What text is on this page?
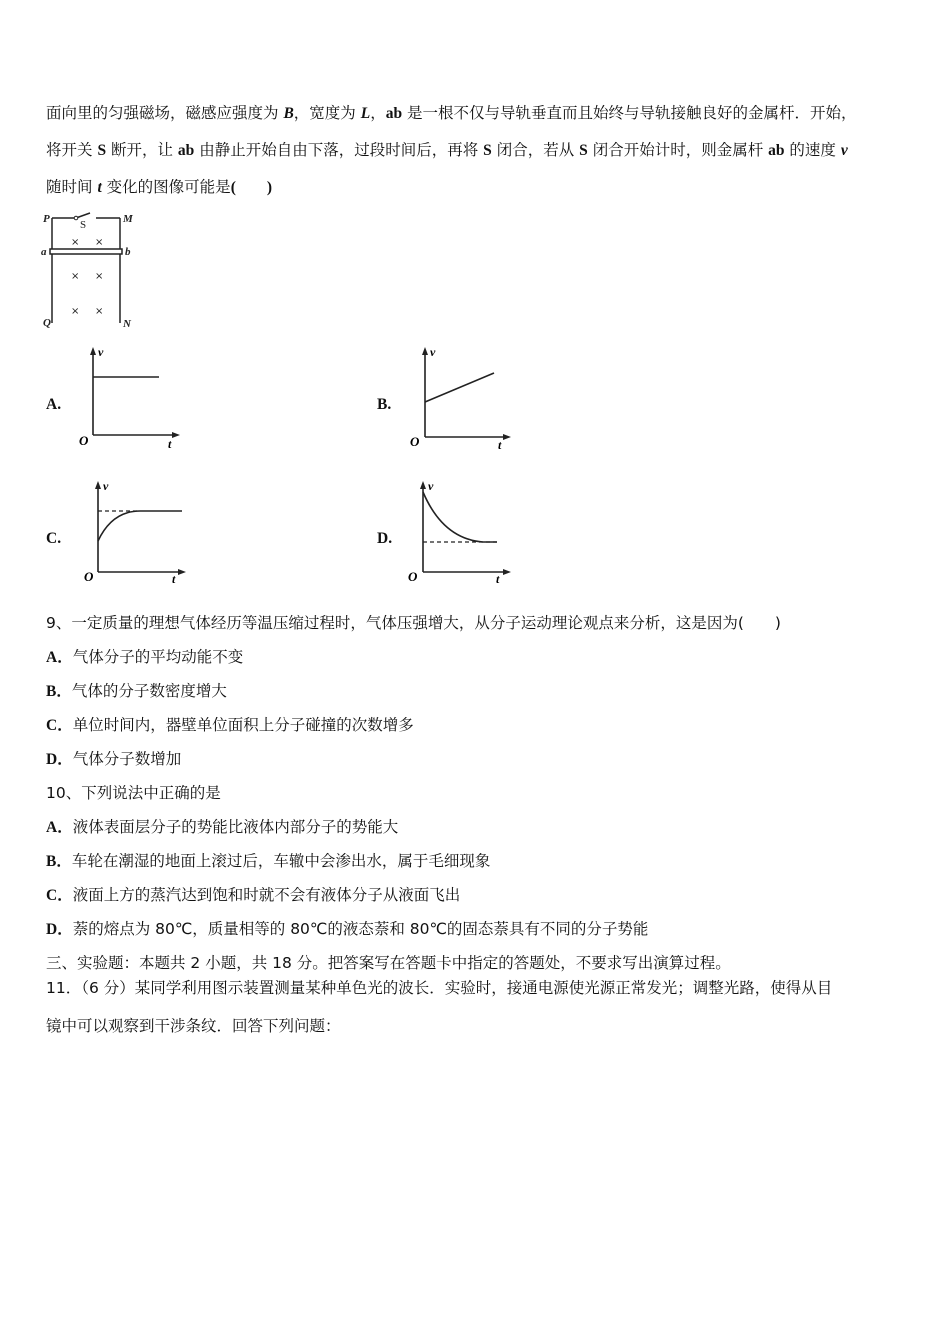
面向里的匀强磁场，磁感应强度为 B，宽度为 L，ab 是一根不仅与导轨垂直而且始终与导轨接触良好的金属杆．开始，
将开关 S 断开，让 ab 由静止开始自由下落，过段时间后，再将 S 闭合，若从 S 闭合开始计时，则金属杆 ab 的速度 v
随时间 t 变化的图像可能是(　　)
P	M
a	b
Q	N
S
× ×
× ×
× ×
A.
v
t
O
B.
v
t
O
C.
v
t
O
D.
v
t
O
9、一定质量的理想气体经历等温压缩过程时，气体压强增大，从分子运动理论观点来分析，这是因为(　　)
A．气体分子的平均动能不变
B．气体的分子数密度增大
C．单位时间内，器壁单位面积上分子碰撞的次数增多
D．气体分子数增加
10、下列说法中正确的是
A．液体表面层分子的势能比液体内部分子的势能大
B．车轮在潮湿的地面上滚过后，车辙中会渗出水，属于毛细现象
C．液面上方的蒸汽达到饱和时就不会有液体分子从液面飞出
D．萘的熔点为 80℃，质量相等的 80℃的液态萘和 80℃的固态萘具有不同的分子势能
三、实验题：本题共 2 小题，共 18 分。把答案写在答题卡中指定的答题处，不要求写出演算过程。
11．（6 分）某同学利用图示装置测量某种单色光的波长．实验时，接通电源使光源正常发光；调整光路，使得从目
镜中可以观察到干涉条纹．回答下列问题：
